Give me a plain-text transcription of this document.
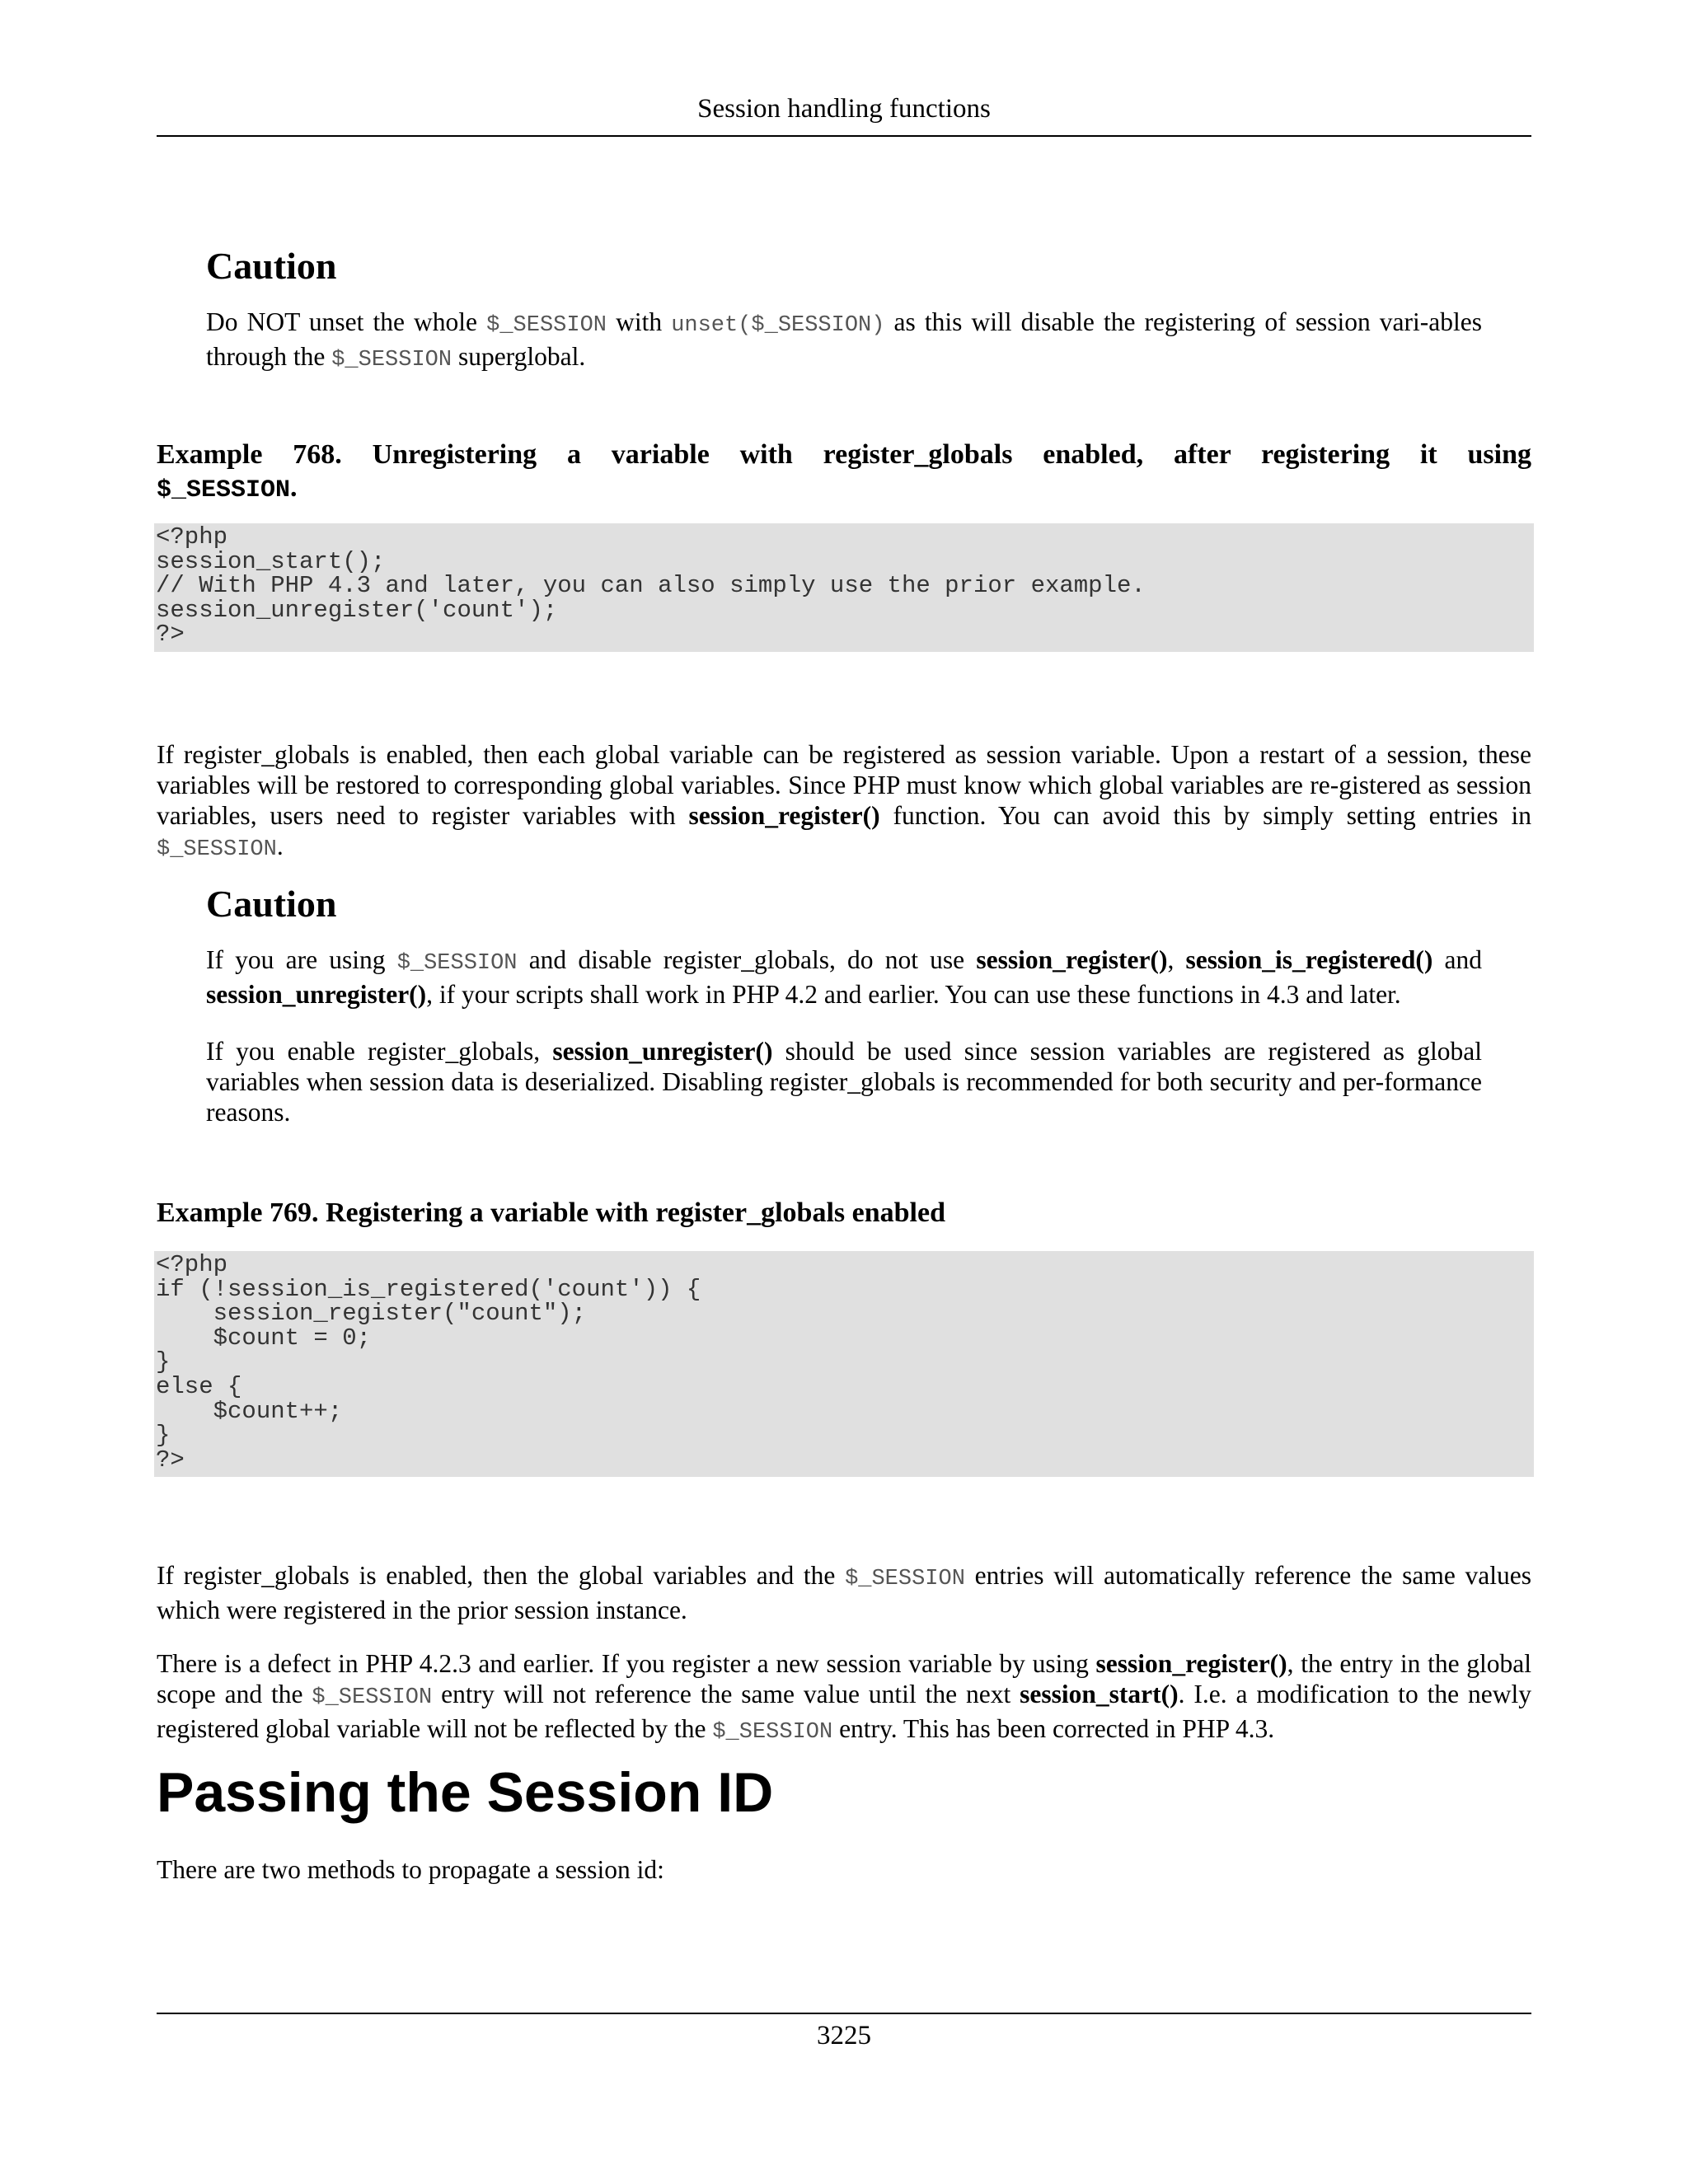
Session handling functions
Caution

Do NOT unset the whole $_SESSION with unset($_SESSION) as this will disable the registering of session vari-ables through the $_SESSION superglobal.

Example 768. Unregistering a variable with register_globals enabled, after registering it using
$_SESSION.
<?php
session_start();
// With PHP 4.3 and later, you can also simply use the prior example.
session_unregister('count');
?>

If register_globals is enabled, then each global variable can be registered as session variable. Upon a restart of a session, these variables will be restored to corresponding global variables. Since PHP must know which global variables are re-gistered as session variables, users need to register variables with session_register() function. You can avoid this by simply setting entries in $_SESSION.

Caution

If you are using $_SESSION and disable register_globals, do not use session_register(), session_is_registered() and session_unregister(), if your scripts shall work in PHP 4.2 and earlier. You can use these functions in 4.3 and later.

If you enable register_globals, session_unregister() should be used since session variables are registered as global variables when session data is deserialized. Disabling register_globals is recommended for both security and per-formance reasons.

Example 769. Registering a variable with register_globals enabled
<?php
if (!session_is_registered('count')) {
session_register("count");
$count = 0;
}
else {
$count++;
}
?>

If register_globals is enabled, then the global variables and the $_SESSION entries will automatically reference the same values which were registered in the prior session instance.

There is a defect in PHP 4.2.3 and earlier. If you register a new session variable by using session_register(), the entry in the global scope and the $_SESSION entry will not reference the same value until the next session_start(). I.e. a modification to the newly registered global variable will not be reflected by the $_SESSION entry. This has been corrected in PHP 4.3.

Passing the Session ID

There are two methods to propagate a session id:

3225
